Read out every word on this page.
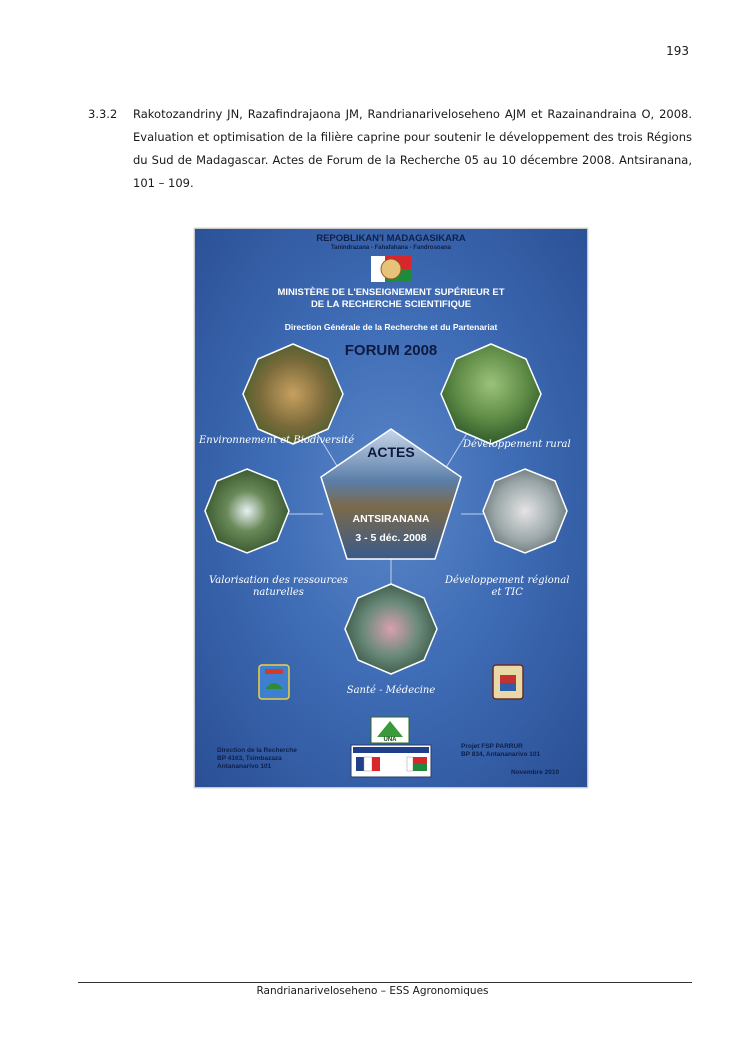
193
3.3.2 Rakotozandriny JN, Razafindrajaona JM, Randrianariveloseheno AJM et Razainandraina O, 2008. Evaluation et optimisation de la filière caprine pour soutenir le développement des trois Régions du Sud de Madagascar. Actes de Forum de la Recherche 05 au 10 décembre 2008. Antsiranana, 101 – 109.
REPOBLIKAN'I MADAGASIKARA
Tanindrazana - Fahafahana - Fandrosoana
MINISTÈRE DE L'ENSEIGNEMENT SUPÉRIEUR ET
DE LA RECHERCHE SCIENTIFIQUE
Direction Générale de la Recherche et du Partenariat
FORUM 2008
ACTES
ANTSIRANANA
3 - 5 déc. 2008
UNA
Environnement et Biodiversité	Développement rural
Valorisation des ressources
naturelles
Développement régional
et TIC
Santé - Médecine
Direction de la Recherche
BP 4163, Tsimbazaza
Antananarivo 101
Projet FSP PARRUR
BP 834, Antananarivo 101
Novembre 2010
Randrianariveloseheno – ESS Agronomiques
